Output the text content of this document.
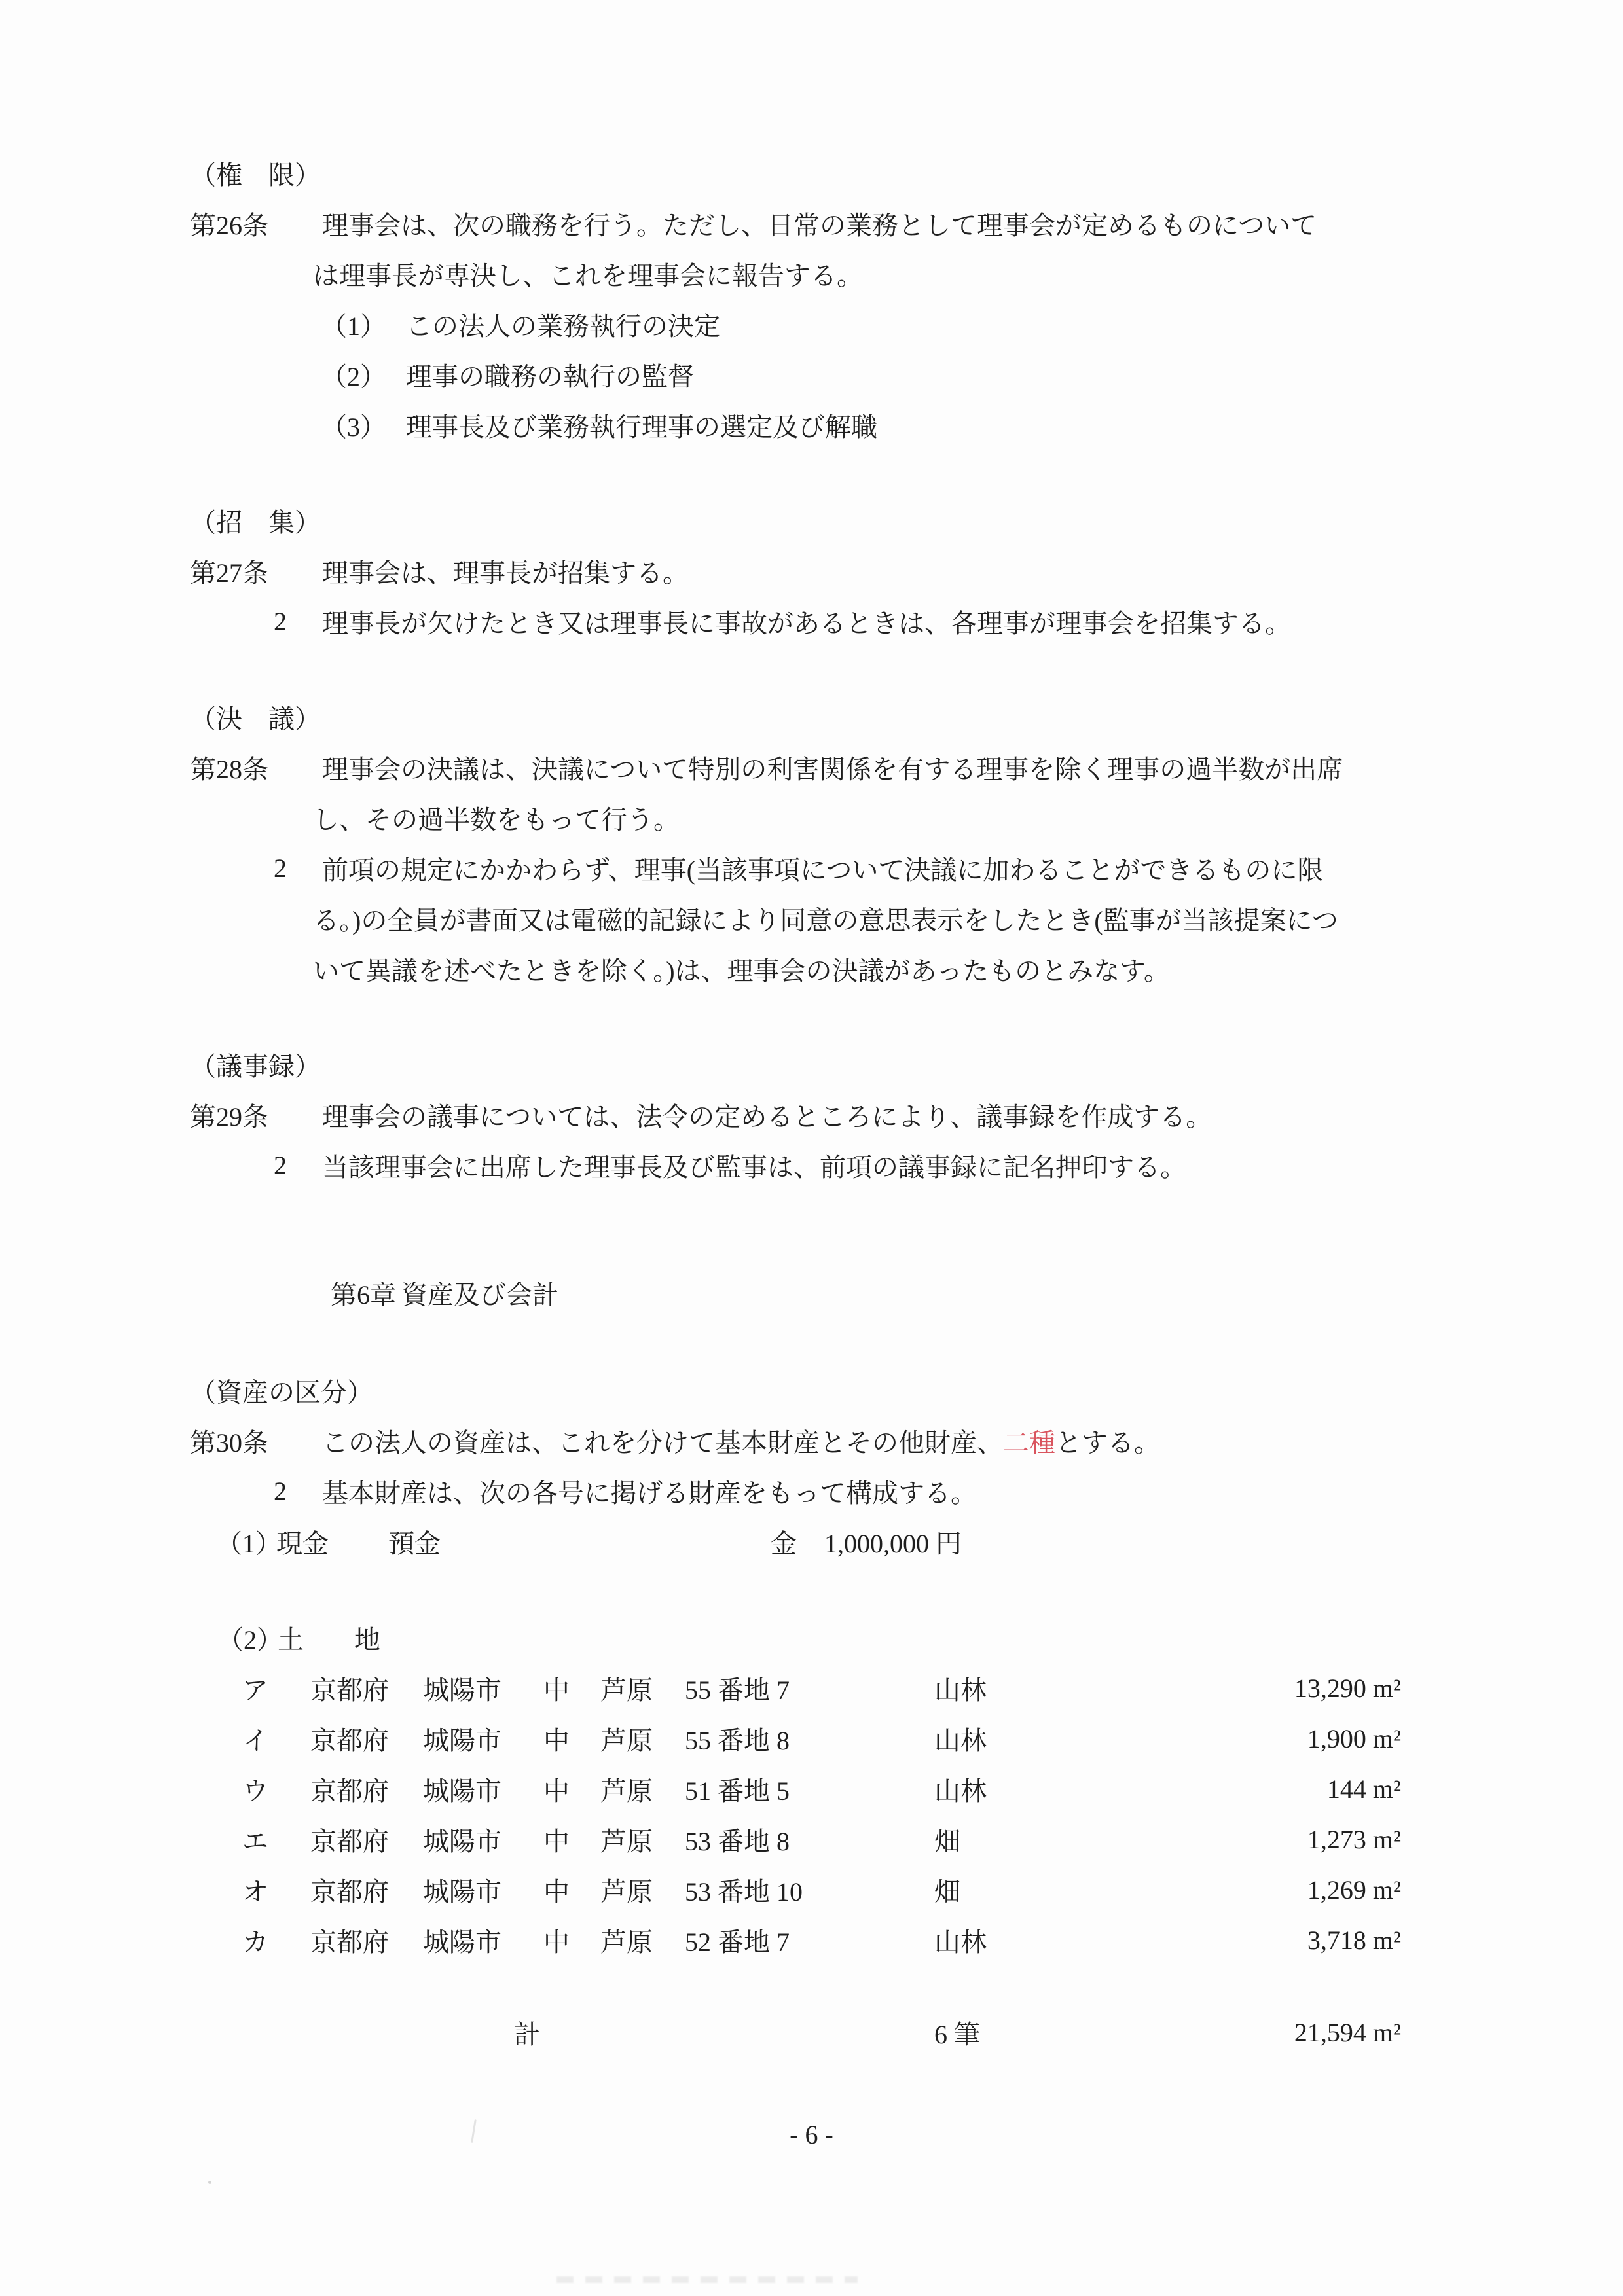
（権　限）
第26条	理事会は、次の職務を行う。ただし、日常の業務として理事会が定めるものについて
は理事長が専決し、これを理事会に報告する。
（1） この法人の業務執行の決定
（2） 理事の職務の執行の監督
（3） 理事長及び業務執行理事の選定及び解職
（招　集）
第27条	理事会は、理事長が招集する。
2	理事長が欠けたとき又は理事長に事故があるときは、各理事が理事会を招集する。
（決　議）
第28条	理事会の決議は、決議について特別の利害関係を有する理事を除く理事の過半数が出席
し、その過半数をもって行う。
2	前項の規定にかかわらず、理事(当該事項について決議に加わることができるものに限
る。)の全員が書面又は電磁的記録により同意の意思表示をしたとき(監事が当該提案につ
いて異議を述べたときを除く。)は、理事会の決議があったものとみなす。
（議事録）
第29条	理事会の議事については、法令の定めるところにより、議事録を作成する。
2	当該理事会に出席した理事長及び監事は、前項の議事録に記名押印する。
第6章 資産及び会計
（資産の区分）
第30条	この法人の資産は、これを分けて基本財産とその他財産、 二種 とする。
2	基本財産は、次の各号に掲げる財産をもって構成する。
（1）
現金	預金	金	1,000,000 円
（2）
土	地
ア	京都府	城陽市	中	芦原	55 番地 7	山林	13,290 m²
イ	京都府	城陽市	中	芦原	55 番地 8	山林	1,900 m²
ウ	京都府	城陽市	中	芦原	51 番地 5	山林	144 m²
エ	京都府	城陽市	中	芦原	53 番地 8	畑	1,273 m²
オ	京都府	城陽市	中	芦原	53 番地 10	畑	1,269 m²
カ	京都府	城陽市	中	芦原	52 番地 7	山林	3,718 m²
計	6 筆	21,594 m²
- 6 -
